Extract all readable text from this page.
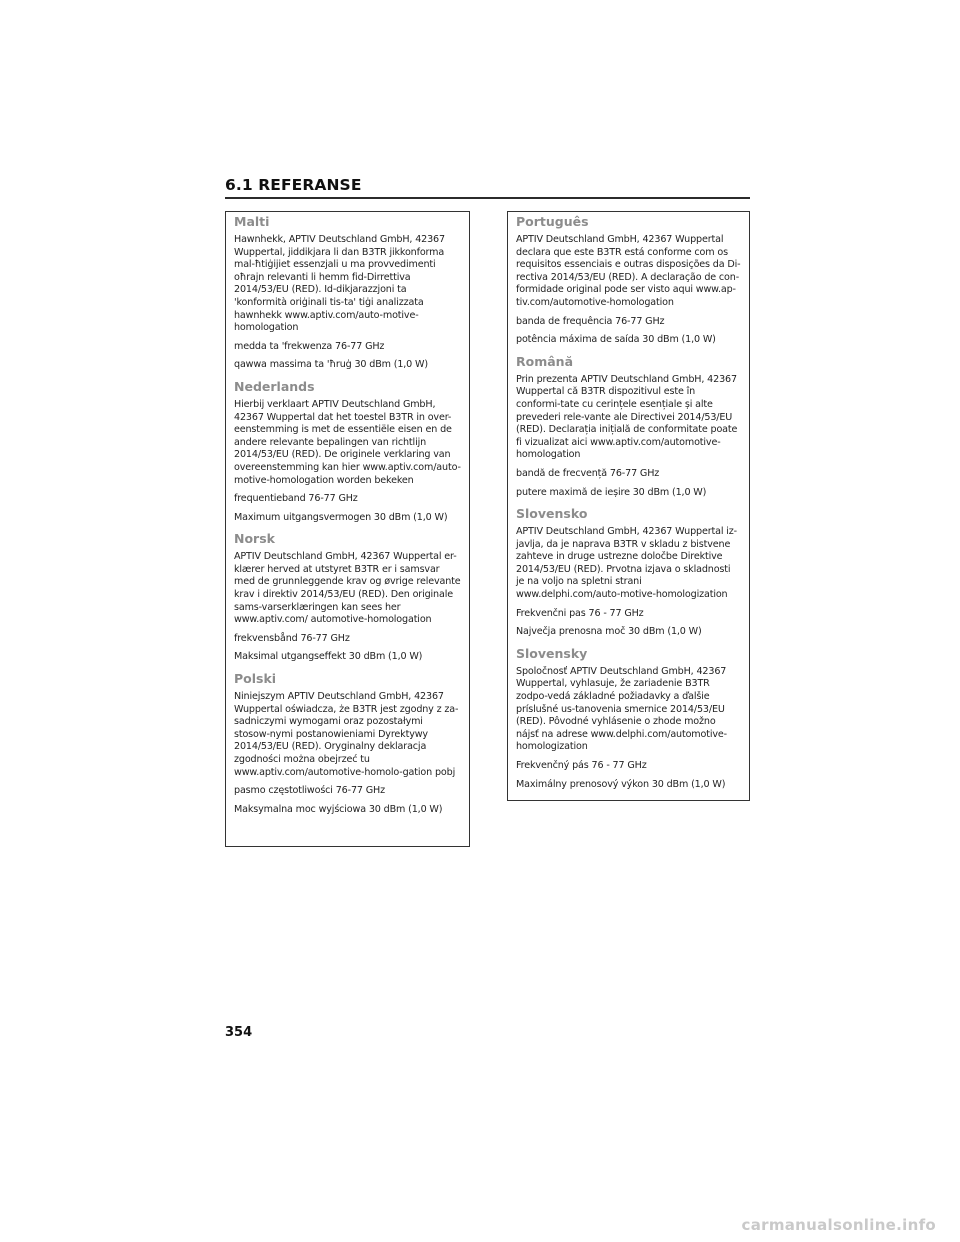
6.1 REFERANSE
Malti

Hawnhekk, APTIV Deutschland GmbH, 42367 Wuppertal, jiddikjara li dan B3TR jikkonforma mal-ħtiġijiet essenzjali u ma provvedimenti oħrajn relevanti li hemm fid-Dirrettiva 2014/53/EU (RED). Id-dikjarazzjoni ta 'konformità oriġinali tis-ta' tiġi analizzata hawnhekk www.aptiv.com/auto-motive-homologation

medda ta 'frekwenza 76-77 GHz

qawwa massima ta 'ħruġ 30 dBm (1,0 W)

Nederlands

Hierbij verklaart APTIV Deutschland GmbH, 42367 Wuppertal dat het toestel B3TR in over-eenstemming is met de essentiële eisen en de andere relevante bepalingen van richtlijn 2014/53/EU (RED). De originele verklaring van overeenstemming kan hier www.aptiv.com/auto-motive-homologation worden bekeken

frequentieband 76-77 GHz

Maximum uitgangsvermogen 30 dBm (1,0 W)

Norsk

APTIV Deutschland GmbH, 42367 Wuppertal er-klærer herved at utstyret B3TR er i samsvar med de grunnleggende krav og øvrige relevante krav i direktiv 2014/53/EU (RED). Den originale sams-varserklæringen kan sees her www.aptiv.com/ automotive-homologation

frekvensbånd 76-77 GHz

Maksimal utgangseffekt 30 dBm (1,0 W)

Polski

Niniejszym APTIV Deutschland GmbH, 42367 Wuppertal oświadcza, że B3TR jest zgodny z za-sadniczymi wymogami oraz pozostałymi stosow-nymi postanowieniami Dyrektywy 2014/53/EU (RED). Oryginalny deklaracja zgodności można obejrzeć tu www.aptiv.com/automotive-homolo-gation pobj

pasmo częstotliwości 76-77 GHz

Maksymalna moc wyjściowa 30 dBm (1,0 W)

Português

APTIV Deutschland GmbH, 42367 Wuppertal declara que este B3TR está conforme com os requisitos essenciais e outras disposições da Di-rectiva 2014/53/EU (RED). A declaração de con-formidade original pode ser visto aqui www.ap-tiv.com/automotive-homologation

banda de frequência 76-77 GHz

potência máxima de saída 30 dBm (1,0 W)

Română

Prin prezenta APTIV Deutschland GmbH, 42367 Wuppertal că B3TR dispozitivul este în conformi-tate cu cerințele esențiale și alte prevederi rele-vante ale Directivei 2014/53/EU (RED). Declarația inițială de conformitate poate fi vizualizat aici www.aptiv.com/automotive-homologation

bandă de frecvență 76-77 GHz

putere maximă de ieșire 30 dBm (1,0 W)

Slovensko

APTIV Deutschland GmbH, 42367 Wuppertal iz-javlja, da je naprava B3TR v skladu z bistvene zahteve in druge ustrezne določbe Direktive 2014/53/EU (RED). Prvotna izjava o skladnosti je na voljo na spletni strani www.delphi.com/auto-motive-homologization

Frekvenčni pas 76 - 77 GHz

Največja prenosna moč 30 dBm (1,0 W)

Slovensky

Spoločnosť APTIV Deutschland GmbH, 42367 Wuppertal, vyhlasuje, že zariadenie B3TR zodpo-vedá základné požiadavky a ďalšie príslušné us-tanovenia smernice 2014/53/EU (RED). Pôvodné vyhlásenie o zhode možno nájsť na adrese www.delphi.com/automotive-homologization

Frekvenčný pás 76 - 77 GHz

Maximálny prenosový výkon 30 dBm (1,0 W)

354
carmanualsonline.info
